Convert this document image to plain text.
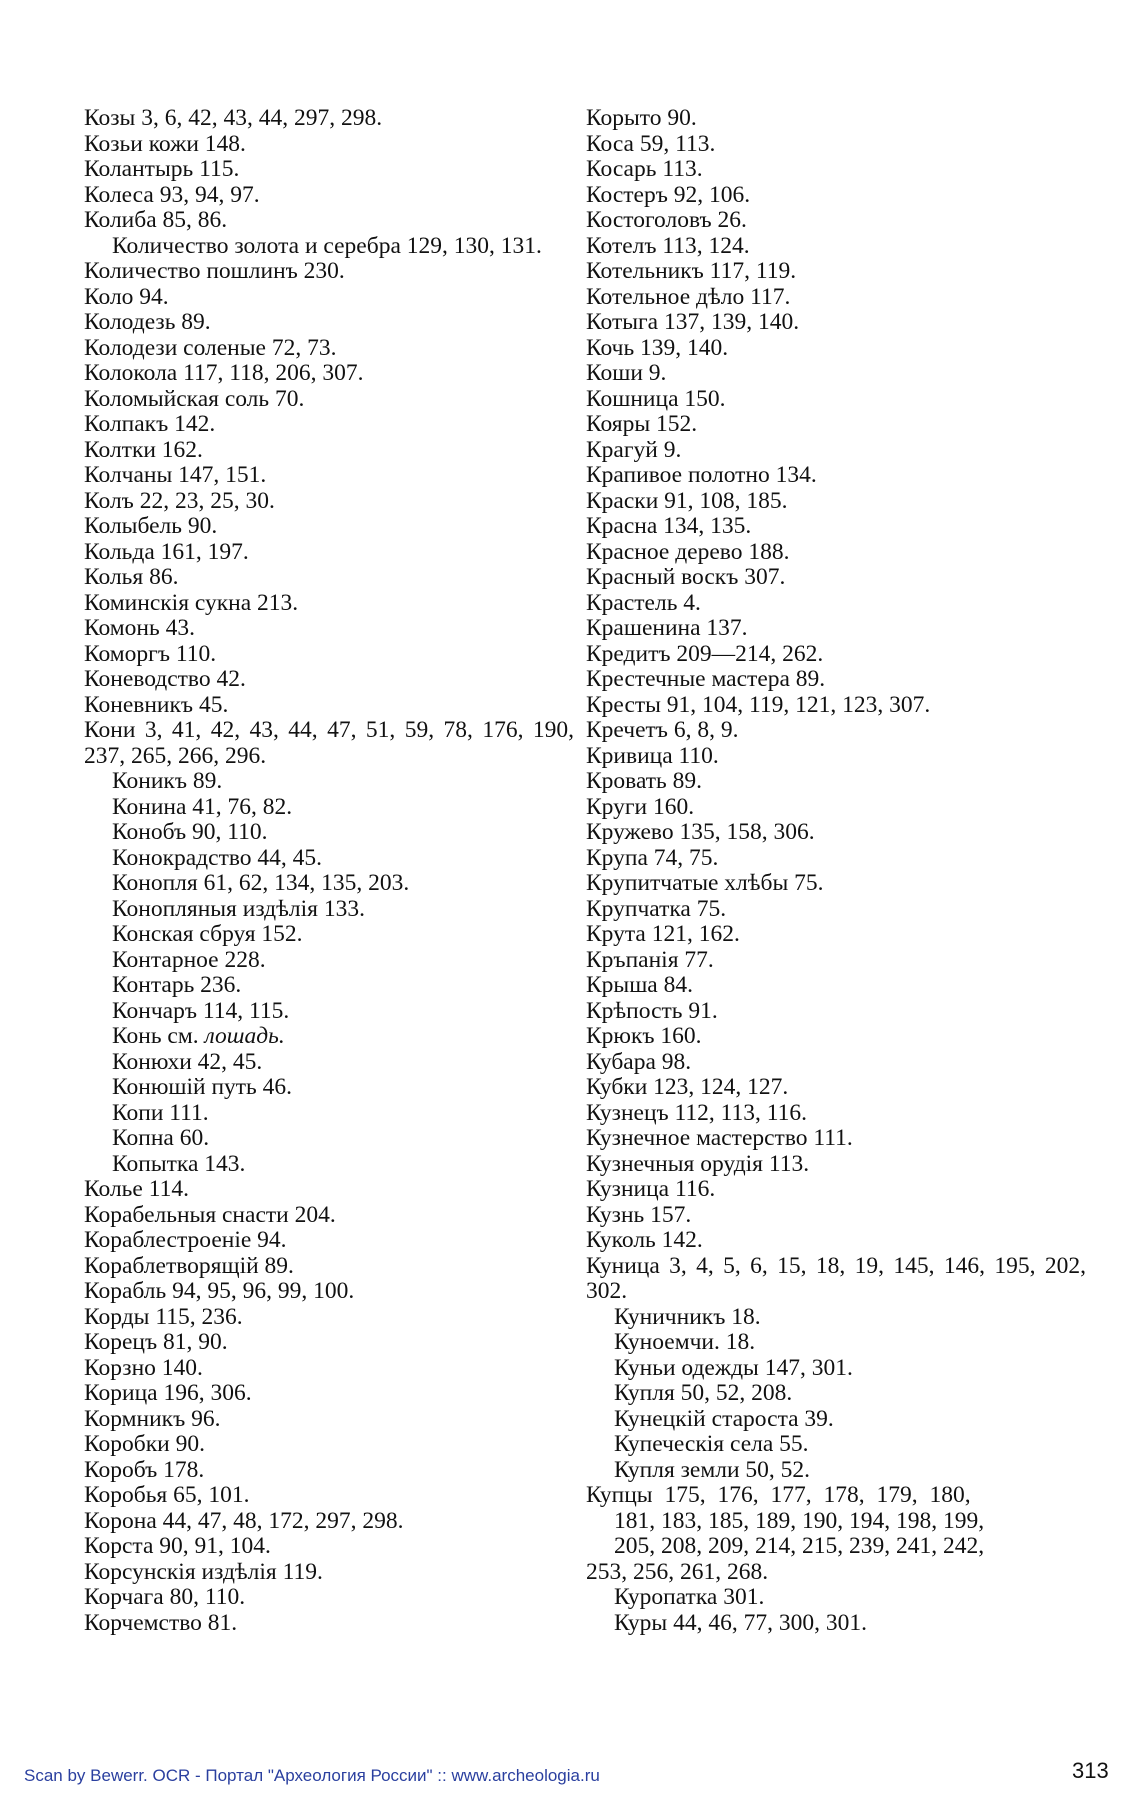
Козы 3, 6, 42, 43, 44, 297, 298.
Козьи кожи 148.
Колантырь 115.
Колеса 93, 94, 97.
Колиба 85, 86.
Количество золота и серебра 129, 130, 131.
Количество пошлинъ 230.
Коло 94.
Колодезь 89.
Колодези соленые 72, 73.
Колокола 117, 118, 206, 307.
Коломыйская соль 70.
Колпакъ 142.
Колтки 162.
Колчаны 147, 151.
Колъ 22, 23, 25, 30.
Колыбель 90.
Кольда 161, 197.
Колья 86.
Коминскія сукна 213.
Комонь 43.
Коморгъ 110.
Коневодство 42.
Коневникъ 45.
Кони 3, 41, 42, 43, 44, 47, 51, 59, 78, 176, 190, 237, 265, 266, 296.
Коникъ 89.
Конина 41, 76, 82.
Конобъ 90, 110.
Конокрадство 44, 45.
Конопля 61, 62, 134, 135, 203.
Конопляныя издѣлія 133.
Конская сбруя 152.
Контарное 228.
Контарь 236.
Кончаръ 114, 115.
Конь см. лошадь.
Конюхи 42, 45.
Конюшій путь 46.
Копи 111.
Копна 60.
Копытка 143.
Колье 114.
Корабельныя снасти 204.
Кораблестроеніе 94.
Кораблетворящій 89.
Корабль 94, 95, 96, 99, 100.
Корды 115, 236.
Корецъ 81, 90.
Корзно 140.
Корица 196, 306.
Кормникъ 96.
Коробки 90.
Коробъ 178.
Коробья 65, 101.
Корона 44, 47, 48, 172, 297, 298.
Корста 90, 91, 104.
Корсунскія издѣлія 119.
Корчага 80, 110.
Корчемство 81.
Корыто 90.
Коса 59, 113.
Косарь 113.
Костеръ 92, 106.
Костоголовъ 26.
Котелъ 113, 124.
Котельникъ 117, 119.
Котельное дѣло 117.
Котыга 137, 139, 140.
Кочь 139, 140.
Коши 9.
Кошница 150.
Кояры 152.
Крагуй 9.
Крапивое полотно 134.
Краски 91, 108, 185.
Красна 134, 135.
Красное дерево 188.
Красный воскъ 307.
Крастель 4.
Крашенина 137.
Кредитъ 209—214, 262.
Крестечные мастера 89.
Кресты 91, 104, 119, 121, 123, 307.
Кречетъ 6, 8, 9.
Кривица 110.
Кровать 89.
Круги 160.
Кружево 135, 158, 306.
Крупа 74, 75.
Крупитчатые хлѣбы 75.
Крупчатка 75.
Крута 121, 162.
Кръпанія 77.
Крыша 84.
Крѣпость 91.
Крюкъ 160.
Кубара 98.
Кубки 123, 124, 127.
Кузнецъ 112, 113, 116.
Кузнечное мастерство 111.
Кузнечныя орудія 113.
Кузница 116.
Кузнь 157.
Куколь 142.
Куница 3, 4, 5, 6, 15, 18, 19, 145, 146, 195, 202, 302.
Куничникъ 18.
Куноемчи. 18.
Куньи одежды 147, 301.
Купля 50, 52, 208.
Кунецкій староста 39.
Купеческія села 55.
Купля земли 50, 52.
Купцы 175, 176, 177, 178, 179, 180,
181, 183, 185, 189, 190, 194, 198, 199,
205, 208, 209, 214, 215, 239, 241, 242,
253, 256, 261, 268.
Куропатка 301.
Куры 44, 46, 77, 300, 301.
Scan by Bewerr. OCR - Портал "Археология России" :: www.archeologia.ru	313
